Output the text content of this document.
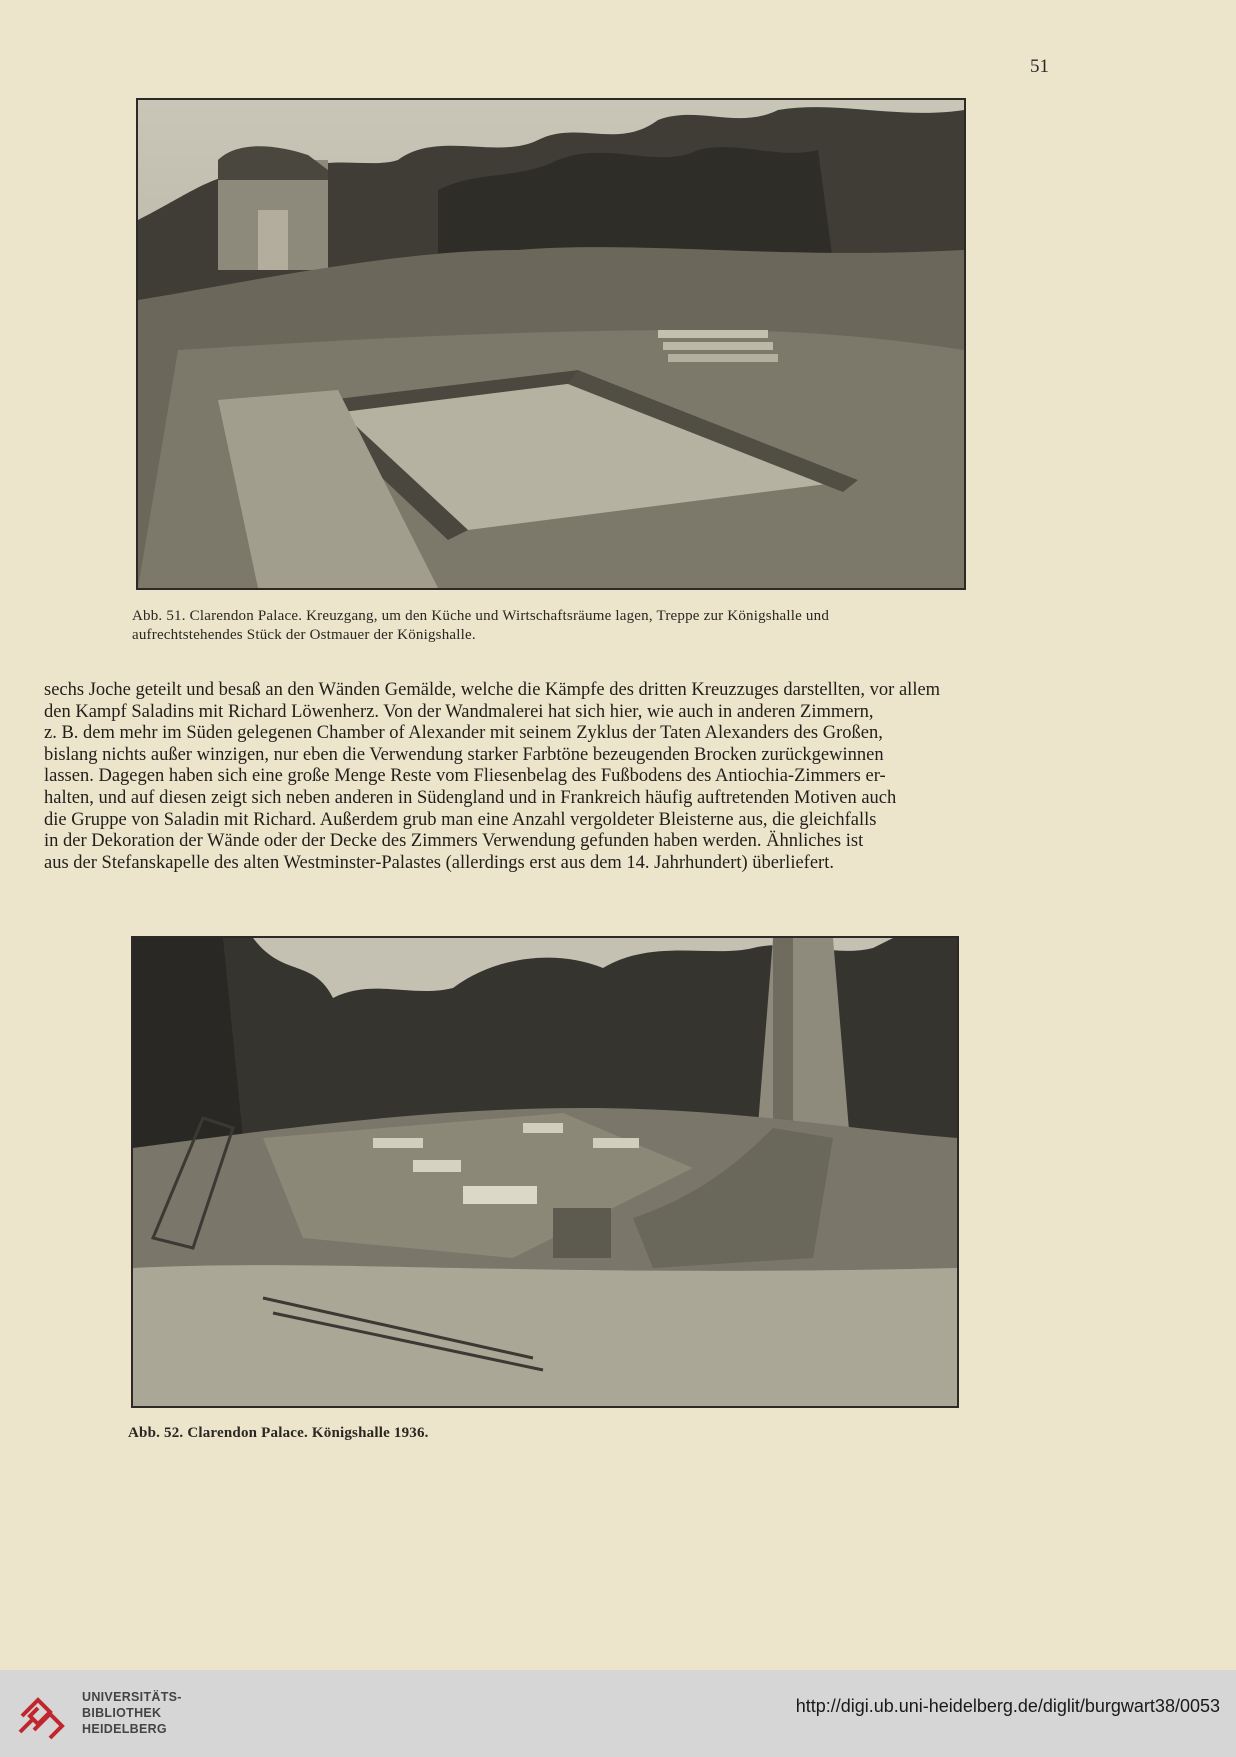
51
Abb. 51. Clarendon Palace. Kreuzgang, um den Küche und Wirtschaftsräume lagen, Treppe zur Königshalle und
aufrechtstehendes Stück der Ostmauer der Königshalle.
sechs Joche geteilt und besaß an den Wänden Gemälde, welche die Kämpfe des dritten Kreuzzuges darstellten, vor allem
den Kampf Saladins mit Richard Löwenherz. Von der Wandmalerei hat sich hier, wie auch in anderen Zimmern,
z. B. dem mehr im Süden gelegenen Chamber of Alexander mit seinem Zyklus der Taten Alexanders des Großen,
bislang nichts außer winzigen, nur eben die Verwendung starker Farbtöne bezeugenden Brocken zurückgewinnen
lassen. Dagegen haben sich eine große Menge Reste vom Fliesenbelag des Fußbodens des Antiochia-Zimmers er-
halten, und auf diesen zeigt sich neben anderen in Südengland und in Frankreich häufig auftretenden Motiven auch
die Gruppe von Saladin mit Richard. Außerdem grub man eine Anzahl vergoldeter Bleisterne aus, die gleichfalls
in der Dekoration der Wände oder der Decke des Zimmers Verwendung gefunden haben werden. Ähnliches ist
aus der Stefanskapelle des alten Westminster-Palastes (allerdings erst aus dem 14. Jahrhundert) überliefert.
Abb. 52. Clarendon Palace. Königshalle 1936.
UNIVERSITÄTS-
BIBLIOTHEK
HEIDELBERG
http://digi.ub.uni-heidelberg.de/diglit/burgwart38/0053
